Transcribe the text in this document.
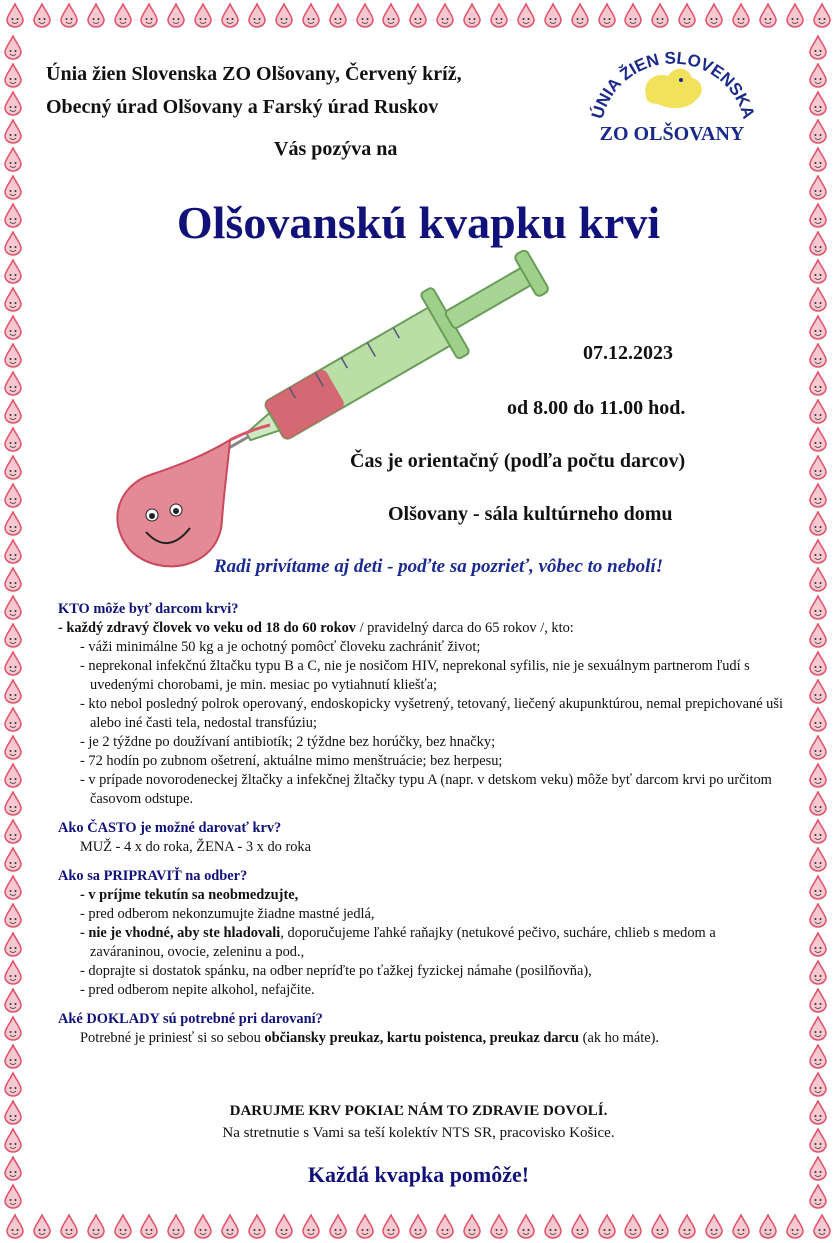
ÚNIA ŽIEN SLOVENSKA
ZO OLŠOVANY
Únia žien Slovenska ZO Olšovany, Červený kríž,
Obecný úrad Olšovany a Farský úrad Ruskov
Vás pozýva na
Olšovanskú kvapku krvi
07.12.2023
od 8.00 do 11.00 hod.
Čas je orientačný (podľa počtu darcov)
Olšovany - sála kultúrneho domu
Radi privítame aj deti - poďte sa pozrieť, vôbec to nebolí!
KTO môže byť darcom krvi?
- každý zdravý človek vo veku od 18 do 60 rokov / pravidelný darca do 65 rokov /, kto:
- váži minimálne 50 kg a je ochotný pomôcť človeku zachrániť život;
- neprekonal infekčnú žltačku typu B a C, nie je nosičom HIV, neprekonal syfilis, nie je sexuálnym partnerom ľudí s uvedenými chorobami, je min. mesiac po vytiahnutí kliešťa;
- kto nebol posledný polrok operovaný, endoskopicky vyšetrený, tetovaný, liečený akupunktúrou, nemal prepichované uši alebo iné časti tela, nedostal transfúziu;
- je 2 týždne po doužívaní antibiotík; 2 týždne bez horúčky, bez hnačky;
- 72 hodín po zubnom ošetrení, aktuálne mimo menštruácie; bez herpesu;
- v prípade novorodeneckej žltačky a infekčnej žltačky typu A (napr. v detskom veku) môže byť darcom krvi po určitom časovom odstupe.
Ako ČASTO je možné darovať krv?
MUŽ - 4 x do roka, ŽENA - 3 x do roka
Ako sa PRIPRAVIŤ na odber?
- v príjme tekutín sa neobmedzujte,
- pred odberom nekonzumujte žiadne mastné jedlá,
- nie je vhodné, aby ste hladovali, doporučujeme ľahké raňajky (netukové pečivo, sucháre, chlieb s medom a zaváraninou, ovocie, zeleninu a pod.,
- doprajte si dostatok spánku, na odber nepríďte po ťažkej fyzickej námahe (posilňovňa),
- pred odberom nepite alkohol, nefajčite.
Aké DOKLADY sú potrebné pri darovaní?
Potrebné je priniesť si so sebou občiansky preukaz, kartu poistenca, preukaz darcu (ak ho máte).
DARUJME KRV POKIAĽ NÁM TO ZDRAVIE DOVOLÍ.
Na stretnutie s Vami sa teší kolektív NTS SR, pracovisko Košice.
Každá kvapka pomôže!
